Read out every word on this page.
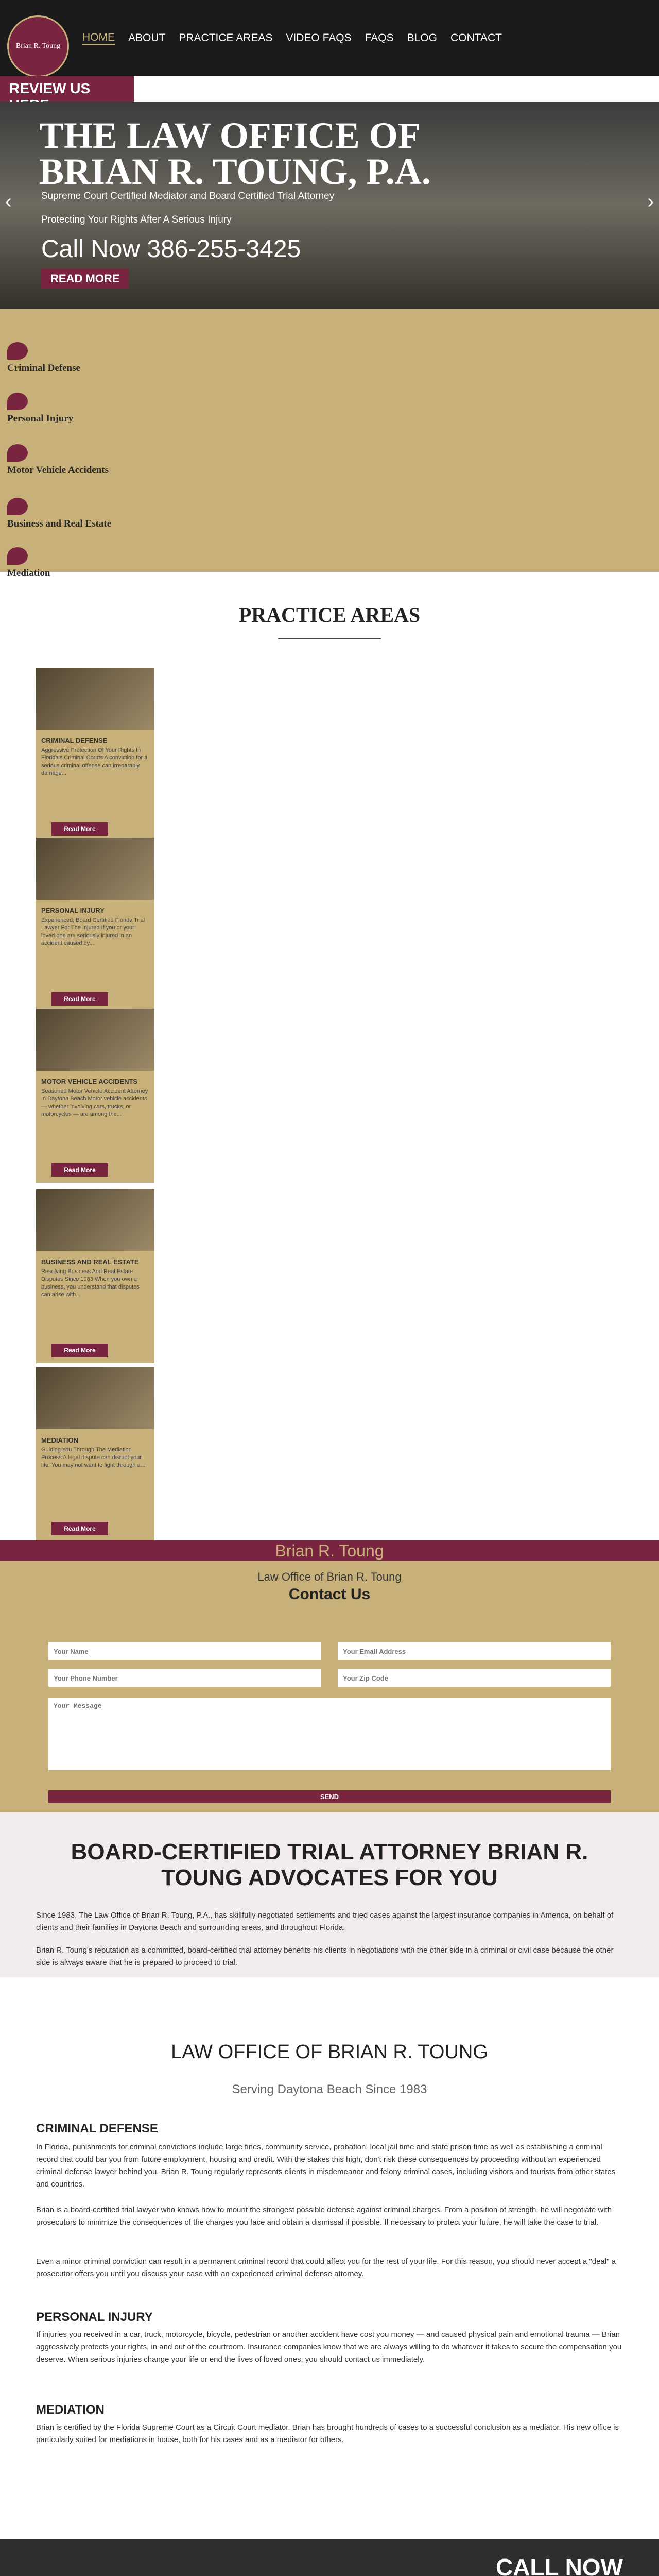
Brian R. Toung
HOME ABOUT PRACTICE AREAS VIDEO FAQS FAQS BLOG CONTACT
REVIEW US
THE LAW OFFICE OF
BRIAN R. TOUNG, P.A.
Supreme Court Certified Mediator and Board Certified Trial Attorney
Protecting Your Rights After A Serious Injury
Call Now 386-255-3425
READ MORE
‹	›
Criminal Defense
Personal Injury
Motor Vehicle Accidents
Business and Real Estate
Mediation
PRACTICE AREAS
CRIMINAL DEFENSE

Aggressive Protection Of Your Rights In Florida's Criminal Courts A conviction for a serious criminal offense can irreparably damage...

Read More
PERSONAL INJURY

Experienced, Board Certified Florida Trial Lawyer For The Injured If you or your loved one are seriously injured in an accident caused by...

Read More
MOTOR VEHICLE ACCIDENTS

Seasoned Motor Vehicle Accident Attorney In Daytona Beach Motor vehicle accidents — whether involving cars, trucks, or motorcycles — are among the...

Read More
BUSINESS AND REAL ESTATE

Resolving Business And Real Estate Disputes Since 1983 When you own a business, you understand that disputes can arise with...

Read More
MEDIATION

Guiding You Through The Mediation Process A legal dispute can disrupt your life. You may not want to fight through a...

Read More
Brian R. Toung
Law Office of Brian R. Toung
Contact Us
Your Name
Your Email Address
Your Phone Number
Your Zip Code
Your Message
SEND
BOARD-CERTIFIED TRIAL ATTORNEY BRIAN R. TOUNG ADVOCATES FOR YOU
Since 1983, The Law Office of Brian R. Toung, P.A., has skillfully negotiated settlements and tried cases against the largest insurance companies in America, on behalf of clients and their families in Daytona Beach and surrounding areas, and throughout Florida.
Brian R. Toung's reputation as a committed, board-certified trial attorney benefits his clients in negotiations with the other side in a criminal or civil case because the other side is always aware that he is prepared to proceed to trial.
LAW OFFICE OF BRIAN R. TOUNG
Serving Daytona Beach Since 1983
CRIMINAL DEFENSE
In Florida, punishments for criminal convictions include large fines, community service, probation, local jail time and state prison time as well as establishing a criminal record that could bar you from future employment, housing and credit. With the stakes this high, don't risk these consequences by proceeding without an experienced criminal defense lawyer behind you. Brian R. Toung regularly represents clients in misdemeanor and felony criminal cases, including visitors and tourists from other states and countries.
Brian is a board-certified trial lawyer who knows how to mount the strongest possible defense against criminal charges. From a position of strength, he will negotiate with prosecutors to minimize the consequences of the charges you face and obtain a dismissal if possible. If necessary to protect your future, he will take the case to trial.
Even a minor criminal conviction can result in a permanent criminal record that could affect you for the rest of your life. For this reason, you should never accept a "deal" a prosecutor offers you until you discuss your case with an experienced criminal defense attorney.
PERSONAL INJURY
If injuries you received in a car, truck, motorcycle, bicycle, pedestrian or another accident have cost you money — and caused physical pain and emotional trauma — Brian aggressively protects your rights, in and out of the courtroom. Insurance companies know that we are always willing to do whatever it takes to secure the compensation you deserve. When serious injuries change your life or end the lives of loved ones, you should contact us immediately.
MEDIATION
Brian is certified by the Florida Supreme Court as a Circuit Court mediator. Brian has brought hundreds of cases to a successful conclusion as a mediator. His new office is particularly suited for mediations in house, both for his cases and as a mediator for others.
CALL NOW
